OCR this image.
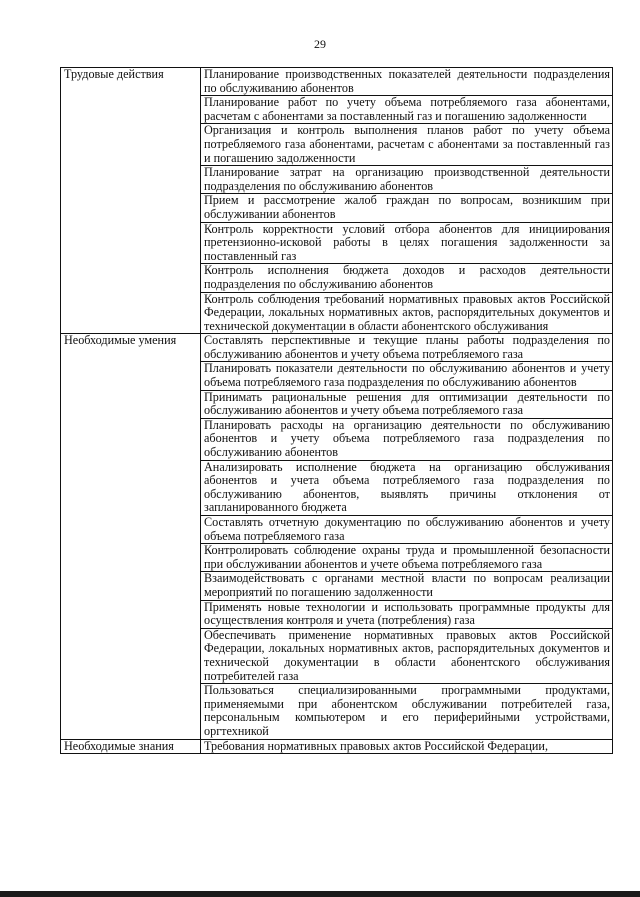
29
Трудовые действия	Планирование производственных показателей деятельности подразделения по обслуживанию абонентов
	Планирование работ по учету объема потребляемого газа абонентами, расчетам с абонентами за поставленный газ и погашению задолженности
	Организация и контроль выполнения планов работ по учету объема потребляемого газа абонентами, расчетам с абонентами за поставленный газ и погашению задолженности
	Планирование затрат на организацию производственной деятельности подразделения по обслуживанию абонентов
	Прием и рассмотрение жалоб граждан по вопросам, возникшим при обслуживании абонентов
	Контроль корректности условий отбора абонентов для инициирования претензионно-исковой работы в целях погашения задолженности за поставленный газ
	Контроль исполнения бюджета доходов и расходов деятельности подразделения по обслуживанию абонентов
	Контроль соблюдения требований нормативных правовых актов Российской Федерации, локальных нормативных актов, распорядительных документов и технической документации в области абонентского обслуживания
Необходимые умения	Составлять перспективные и текущие планы работы подразделения по обслуживанию абонентов и учету объема потребляемого газа
	Планировать показатели деятельности по обслуживанию абонентов и учету объема потребляемого газа подразделения по обслуживанию абонентов
	Принимать рациональные решения для оптимизации деятельности по обслуживанию абонентов и учету объема потребляемого газа
	Планировать расходы на организацию деятельности по обслуживанию абонентов и учету объема потребляемого газа подразделения по обслуживанию абонентов
	Анализировать исполнение бюджета на организацию обслуживания абонентов и учета объема потребляемого газа подразделения по обслуживанию абонентов, выявлять причины отклонения от запланированного бюджета
	Составлять отчетную документацию по обслуживанию абонентов и учету объема потребляемого газа
	Контролировать соблюдение охраны труда и промышленной безопасности при обслуживании абонентов и учете объема потребляемого газа
	Взаимодействовать с органами местной власти по вопросам реализации мероприятий по погашению задолженности
	Применять новые технологии и использовать программные продукты для осуществления контроля и учета (потребления) газа
	Обеспечивать применение нормативных правовых актов Российской Федерации, локальных нормативных актов, распорядительных документов и технической документации в области абонентского обслуживания потребителей газа
	Пользоваться специализированными программными продуктами, применяемыми при абонентском обслуживании потребителей газа, персональным компьютером и его периферийными устройствами, оргтехникой
Необходимые знания	Требования нормативных правовых актов Российской Федерации,
